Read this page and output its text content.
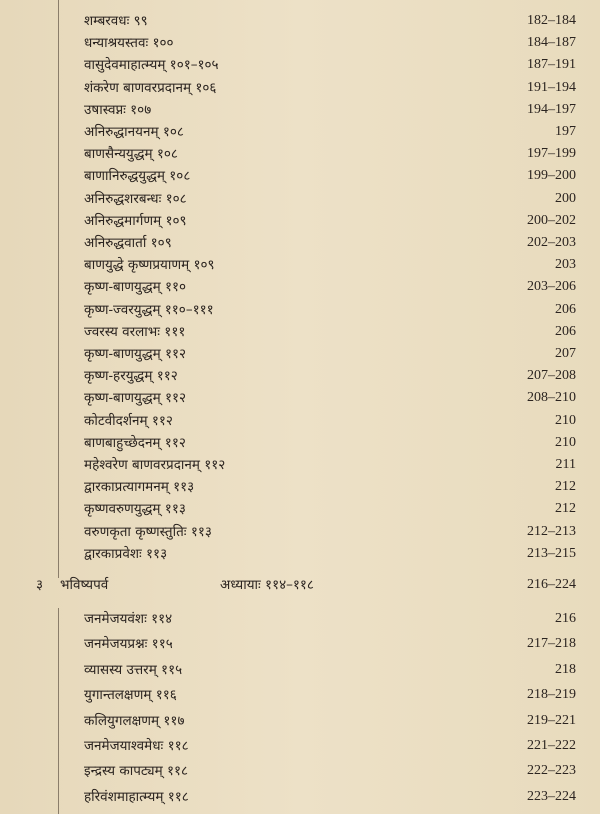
शम्बरवधः ९९	182–184
धन्याश्रयस्तवः १००	184–187
वासुदेवमाहात्म्यम् १०१–१०५	187–191
शंकरेण बाणवरप्रदानम् १०६	191–194
उषास्वप्नः १०७	194–197
अनिरुद्धानयनम् १०८	197
बाणसैन्ययुद्धम् १०८	197–199
बाणानिरुद्धयुद्धम् १०८	199–200
अनिरुद्धशरबन्धः १०८	200
अनिरुद्धमार्गणम् १०९	200–202
अनिरुद्धवार्ता १०९	202–203
बाणयुद्धे कृष्णप्रयाणम् १०९	203
कृष्ण-बाणयुद्धम् ११०	203–206
कृष्ण-ज्वरयुद्धम् ११०–१११	206
ज्वरस्य वरलाभः १११	206
कृष्ण-बाणयुद्धम् ११२	207
कृष्ण-हरयुद्धम् ११२	207–208
कृष्ण-बाणयुद्धम् ११२	208–210
कोटवीदर्शनम् ११२	210
बाणबाहुच्छेदनम् ११२	210
महेश्वरेण बाणवरप्रदानम् ११२	211
द्वारकाप्रत्यागमनम् ११३	212
कृष्णवरुणयुद्धम् ११३	212
वरुणकृता कृष्णस्तुतिः ११३	212–213
द्वारकाप्रवेशः ११३	213–215
३ भविष्यपर्व	अध्यायाः ११४–११८	216–224
जनमेजयवंशः ११४	216
जनमेजयप्रश्नः ११५	217–218
व्यासस्य उत्तरम् ११५	218
युगान्तलक्षणम् ११६	218–219
कलियुगलक्षणम् ११७	219–221
जनमेजयाश्वमेधः ११८	221–222
इन्द्रस्य कापट्यम् ११८	222–223
हरिवंशमाहात्म्यम् ११८	223–224
